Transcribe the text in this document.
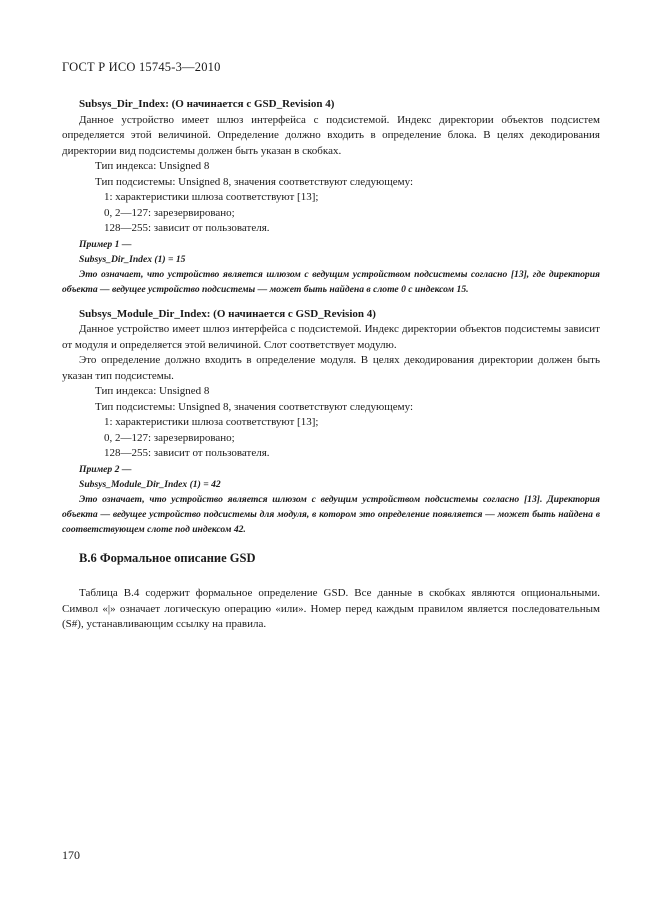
ГОСТ Р ИСО 15745-3—2010

Subsys_Dir_Index: (O начинается с GSD_Revision 4)

Данное устройство имеет шлюз интерфейса с подсистемой. Индекс директории объектов подсистем определяется этой величиной. Определение должно входить в определение блока. В целях декодирования директории вид подсистемы должен быть указан в скобках.

Тип индекса: Unsigned 8

Тип подсистемы: Unsigned 8, значения соответствуют следующему:

1: характеристики шлюза соответствуют [13];

0, 2—127: зарезервировано;

128—255: зависит от пользователя.

Пример 1 —

Subsys_Dir_Index (1) = 15

Это означает, что устройство является шлюзом с ведущим устройством подсистемы согласно [13], где директория объекта — ведущее устройство подсистемы — может быть найдена в слоте 0 с индексом 15.

Subsys_Module_Dir_Index: (O начинается с GSD_Revision 4)

Данное устройство имеет шлюз интерфейса с подсистемой. Индекс директории объектов подсистемы зависит от модуля и определяется этой величиной. Слот соответствует модулю.

Это определение должно входить в определение модуля. В целях декодирования директории должен быть указан тип подсистемы.

Тип индекса: Unsigned 8

Тип подсистемы: Unsigned 8, значения соответствуют следующему:

1: характеристики шлюза соответствуют [13];

0, 2—127: зарезервировано;

128—255: зависит от пользователя.

Пример 2 —

Subsys_Module_Dir_Index (1) = 42

Это означает, что устройство является шлюзом с ведущим устройством подсистемы согласно [13]. Директория объекта — ведущее устройство подсистемы для модуля, в котором это определение появляется — может быть найдена в соответствующем слоте под индексом 42.

В.6 Формальное описание GSD

Таблица В.4 содержит формальное определение GSD. Все данные в скобках являются опциональными. Символ «|» означает логическую операцию «или». Номер перед каждым правилом является последовательным (S#), устанавливающим ссылку на правила.

170
